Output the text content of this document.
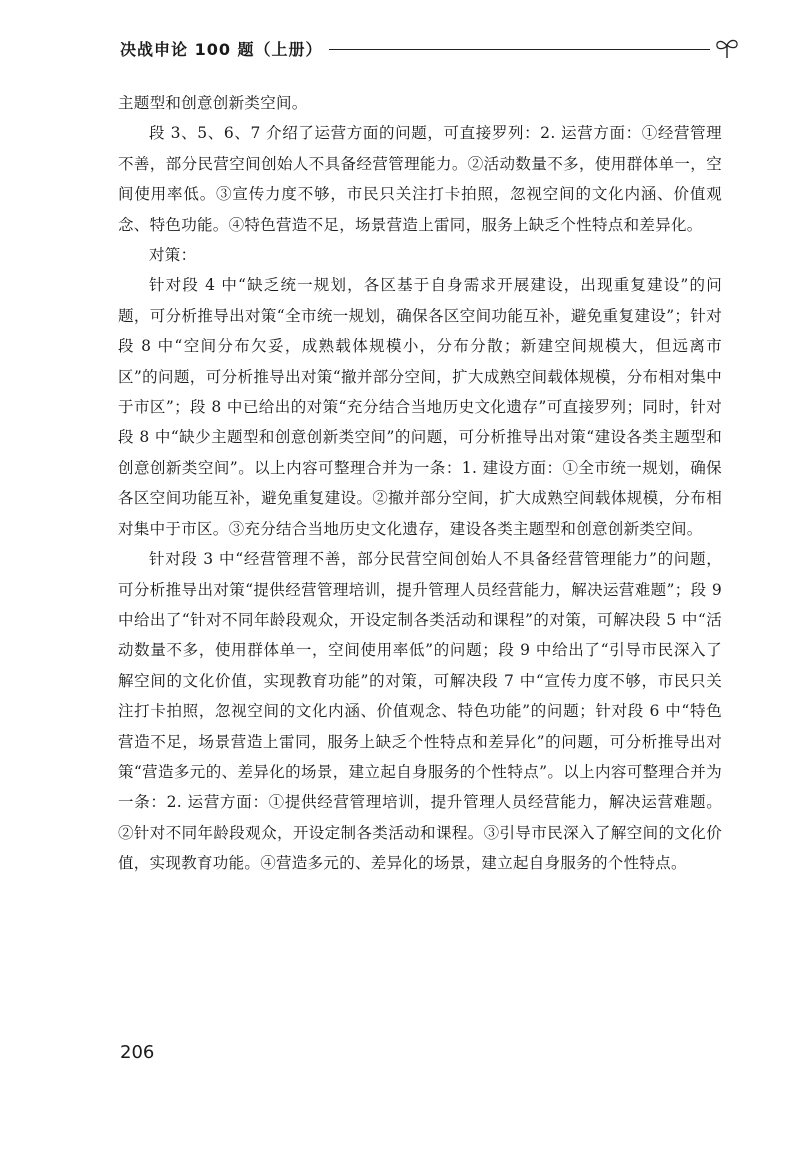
决战申论 100 题（上册）

主题型和创意创新类空间。

段 3、5、6、7 介绍了运营方面的问题，可直接罗列：2. 运营方面：①经营管理不善，部分民营空间创始人不具备经营管理能力。②活动数量不多，使用群体单一，空间使用率低。③宣传力度不够，市民只关注打卡拍照，忽视空间的文化内涵、价值观念、特色功能。④特色营造不足，场景营造上雷同，服务上缺乏个性特点和差异化。

对策：

针对段 4 中“缺乏统一规划，各区基于自身需求开展建设，出现重复建设”的问题，可分析推导出对策“全市统一规划，确保各区空间功能互补，避免重复建设”；针对段 8 中“空间分布欠妥，成熟载体规模小，分布分散；新建空间规模大，但远离市区”的问题，可分析推导出对策“撤并部分空间，扩大成熟空间载体规模，分布相对集中于市区”；段 8 中已给出的对策“充分结合当地历史文化遗存”可直接罗列；同时，针对段 8 中“缺少主题型和创意创新类空间”的问题，可分析推导出对策“建设各类主题型和创意创新类空间”。以上内容可整理合并为一条：1. 建设方面：①全市统一规划，确保各区空间功能互补，避免重复建设。②撤并部分空间，扩大成熟空间载体规模，分布相对集中于市区。③充分结合当地历史文化遗存，建设各类主题型和创意创新类空间。

针对段 3 中“经营管理不善，部分民营空间创始人不具备经营管理能力”的问题，可分析推导出对策“提供经营管理培训，提升管理人员经营能力，解决运营难题”；段 9 中给出了“针对不同年龄段观众，开设定制各类活动和课程”的对策，可解决段 5 中“活动数量不多，使用群体单一，空间使用率低”的问题；段 9 中给出了“引导市民深入了解空间的文化价值，实现教育功能”的对策，可解决段 7 中“宣传力度不够，市民只关注打卡拍照，忽视空间的文化内涵、价值观念、特色功能”的问题；针对段 6 中“特色营造不足，场景营造上雷同，服务上缺乏个性特点和差异化”的问题，可分析推导出对策“营造多元的、差异化的场景，建立起自身服务的个性特点”。以上内容可整理合并为一条：2. 运营方面：①提供经营管理培训，提升管理人员经营能力，解决运营难题。②针对不同年龄段观众，开设定制各类活动和课程。③引导市民深入了解空间的文化价值，实现教育功能。④营造多元的、差异化的场景，建立起自身服务的个性特点。

206
